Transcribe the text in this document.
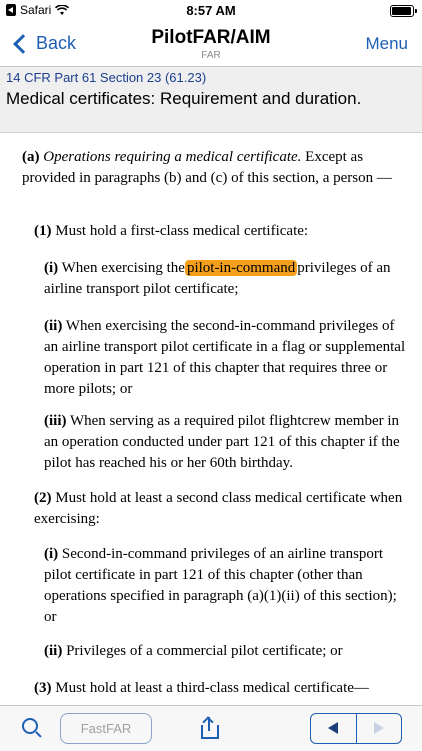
Safari	8:57 AM
Back	PilotFAR/AIM
FAR
Menu
14 CFR Part 61 Section 23 (61.23)
Medical certificates: Requirement and duration.

(a) Operations requiring a medical certificate. Except as provided in paragraphs (b) and (c) of this section, a person —

(1) Must hold a first-class medical certificate:

(i) When exercising the pilot-in-command privileges of an airline transport pilot certificate;

(ii) When exercising the second-in-command privileges of an airline transport pilot certificate in a flag or supplemental operation in part 121 of this chapter that requires three or more pilots; or

(iii) When serving as a required pilot flightcrew member in an operation conducted under part 121 of this chapter if the pilot has reached his or her 60th birthday.

(2) Must hold at least a second class medical certificate when exercising:

(i) Second-in-command privileges of an airline transport pilot certificate in part 121 of this chapter (other than operations specified in paragraph (a)(1)(ii) of this section); or

(ii) Privileges of a commercial pilot certificate; or

(3) Must hold at least a third-class medical certificate—

FastFAR
